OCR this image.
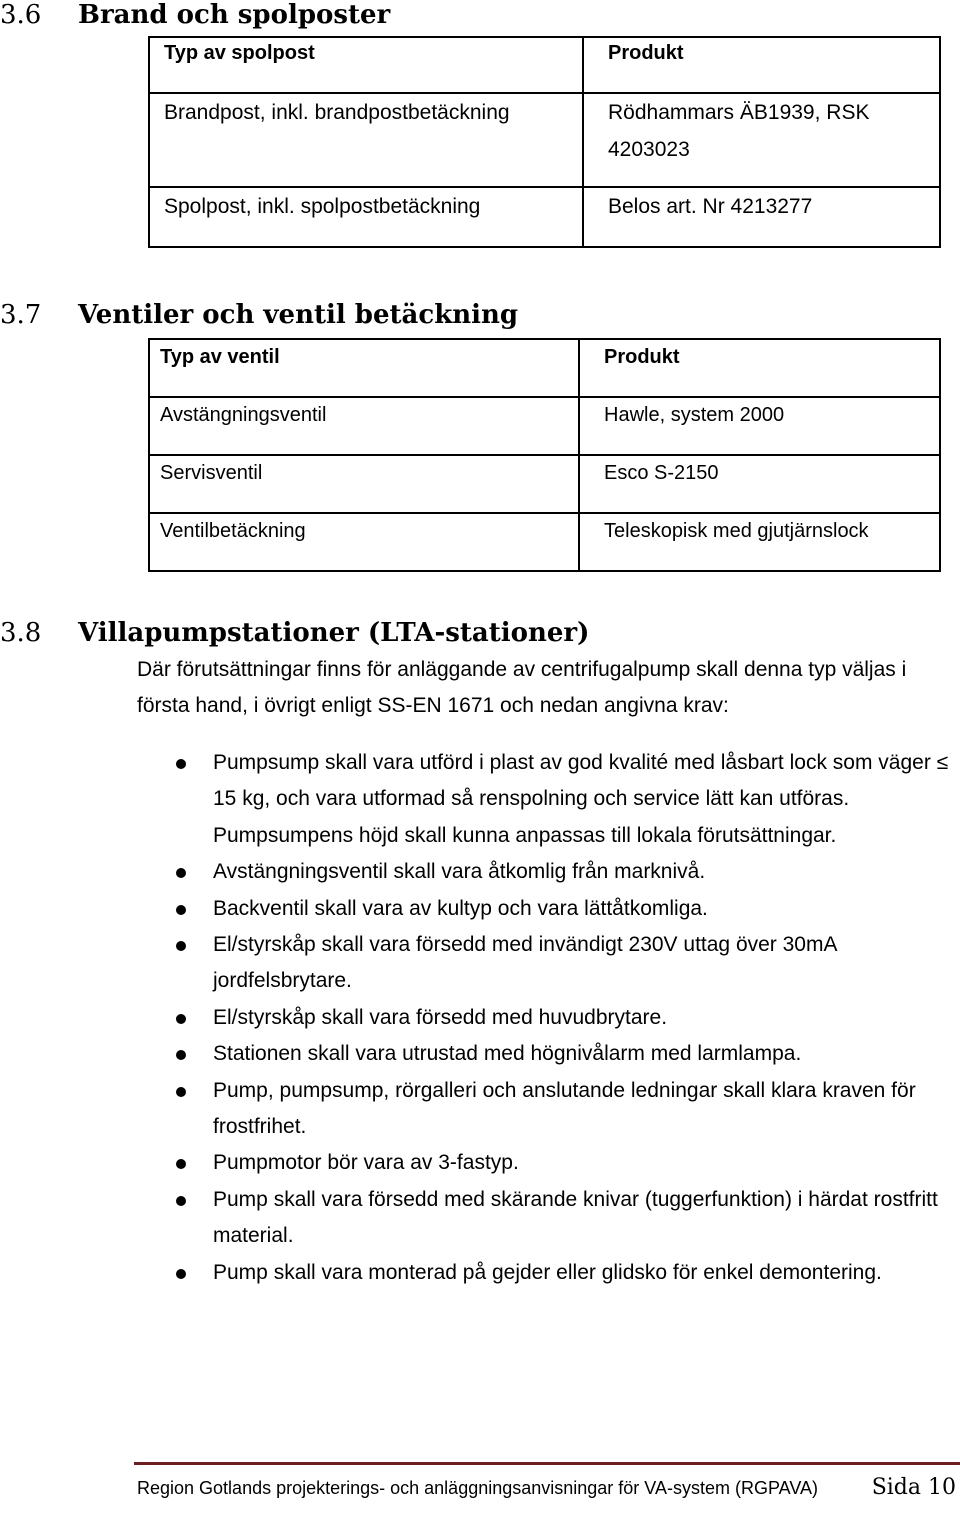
3.6 Brand och spolposter
Typ av spolpost	Produkt
Brandpost, inkl. brandpostbetäckning	Rödhammars ÄB1939, RSK 4203023
Spolpost, inkl. spolpostbetäckning	Belos art. Nr 4213277
3.7 Ventiler och ventil betäckning
Typ av ventil	Produkt
Avstängningsventil	Hawle, system 2000
Servisventil	Esco S-2150
Ventilbetäckning	Teleskopisk med gjutjärnslock
3.8 Villapumpstationer (LTA-stationer)

Där förutsättningar finns för anläggande av centrifugalpump skall denna typ väljas i första hand, i övrigt enligt SS-EN 1671 och nedan angivna krav:

Pumpsump skall vara utförd i plast av god kvalité med låsbart lock som väger ≤ 15 kg, och vara utformad så renspolning och service lätt kan utföras. Pumpsumpens höjd skall kunna anpassas till lokala förutsättningar.
Avstängningsventil skall vara åtkomlig från marknivå.
Backventil skall vara av kultyp och vara lättåtkomliga.
El/styrskåp skall vara försedd med invändigt 230V uttag över 30mA jordfelsbrytare.
El/styrskåp skall vara försedd med huvudbrytare.
Stationen skall vara utrustad med högnivålarm med larmlampa.
Pump, pumpsump, rörgalleri och anslutande ledningar skall klara kraven för frostfrihet.
Pumpmotor bör vara av 3-fastyp.
Pump skall vara försedd med skärande knivar (tuggerfunktion) i härdat rostfritt material.
Pump skall vara monterad på gejder eller glidsko för enkel demontering.
Region Gotlands projekterings- och anläggningsanvisningar för VA-system (RGPAVA)	Sida 10
